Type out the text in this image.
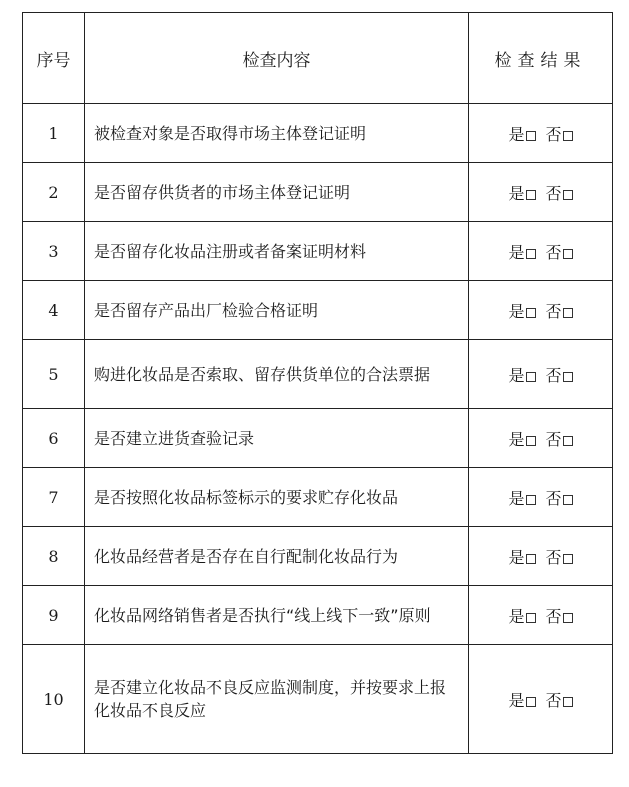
序号	检查内容	检查结果
1	被检查对象是否取得市场主体登记证明	是 否
2	是否留存供货者的市场主体登记证明	是 否
3	是否留存化妆品注册或者备案证明材料	是 否
4	是否留存产品出厂检验合格证明	是 否
5	购进化妆品是否索取、留存供货单位的合法票据	是 否
6	是否建立进货查验记录	是 否
7	是否按照化妆品标签标示的要求贮存化妆品	是 否
8	化妆品经营者是否存在自行配制化妆品行为	是 否
9	化妆品网络销售者是否执行“线上线下一致”原则	是 否
10	是否建立化妆品不良反应监测制度，并按要求上报化妆品不良反应	是 否
